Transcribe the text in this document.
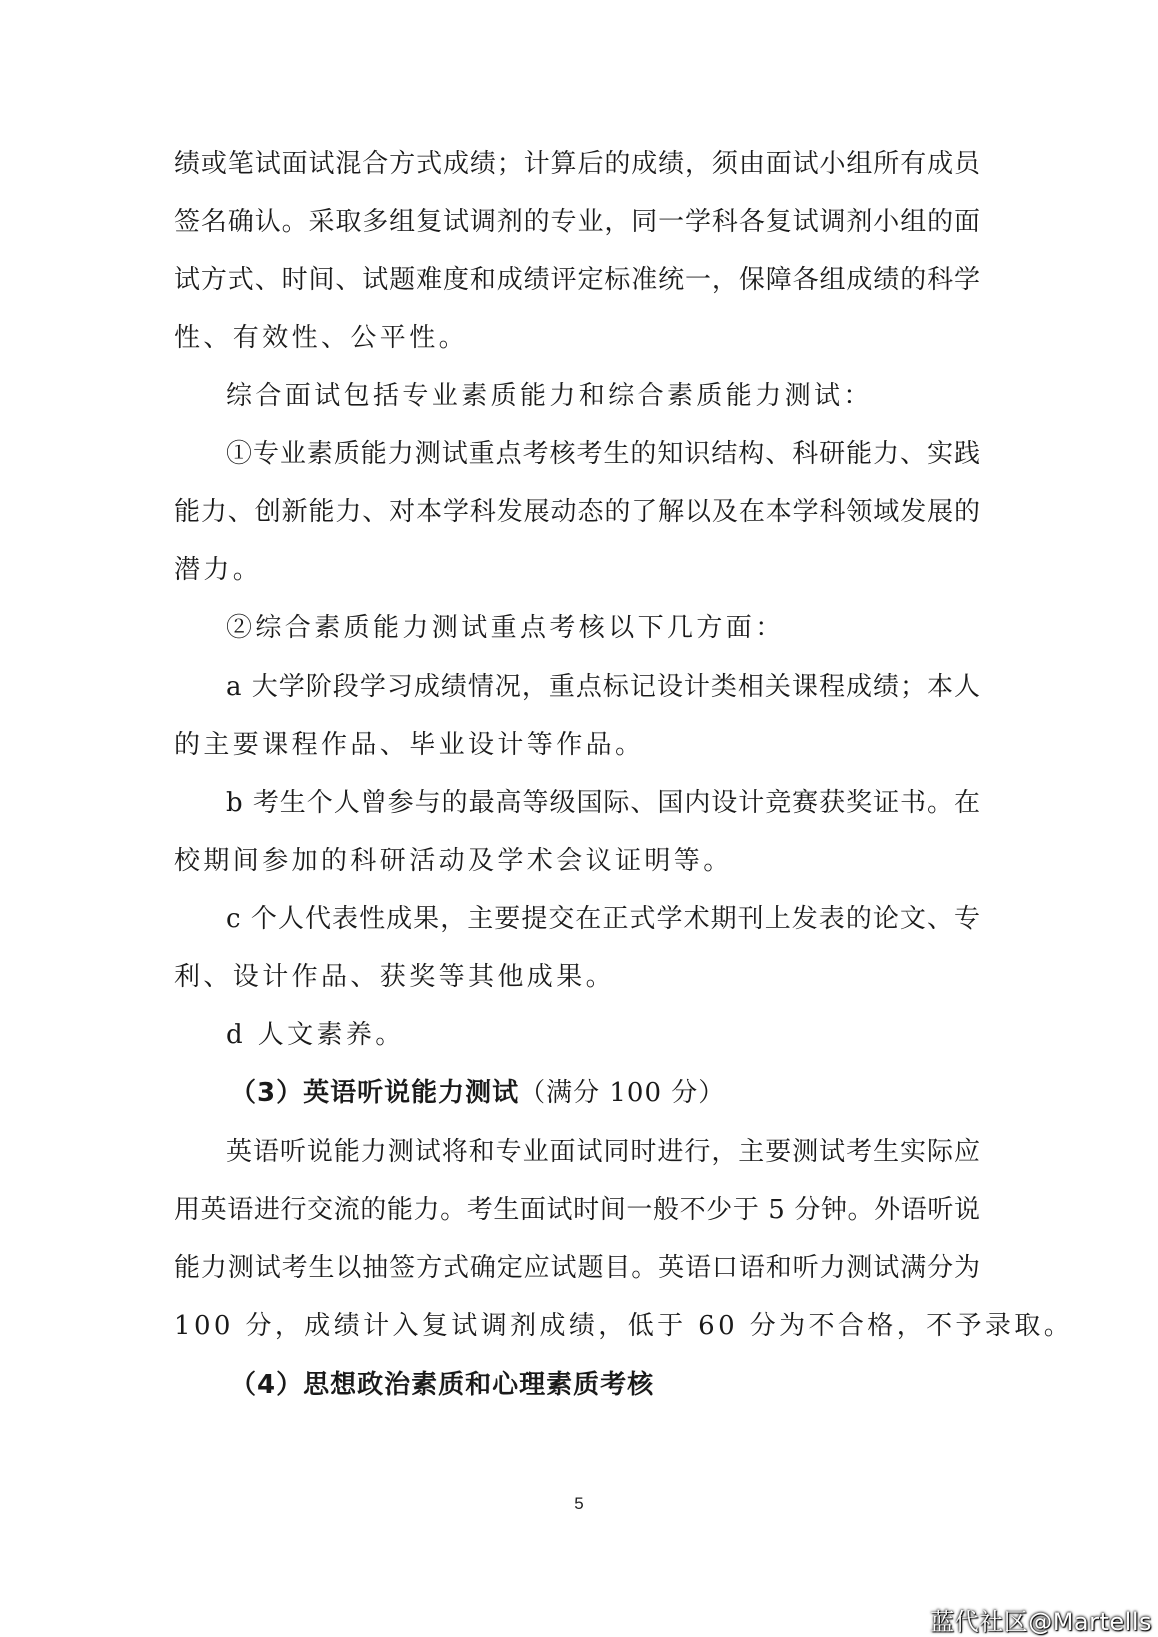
绩或笔试面试混合方式成绩；计算后的成绩，须由面试小组所有成员
签名确认。采取多组复试调剂的专业，同一学科各复试调剂小组的面
试方式、时间、试题难度和成绩评定标准统一，保障各组成绩的科学
性、有效性、公平性。
综合面试包括专业素质能力和综合素质能力测试：
①专业素质能力测试重点考核考生的知识结构、科研能力、实践
能力、创新能力、对本学科发展动态的了解以及在本学科领域发展的
潜力。
②综合素质能力测试重点考核以下几方面：
a 大学阶段学习成绩情况，重点标记设计类相关课程成绩；本人
的主要课程作品、毕业设计等作品。
b 考生个人曾参与的最高等级国际、国内设计竞赛获奖证书。在
校期间参加的科研活动及学术会议证明等。
c 个人代表性成果，主要提交在正式学术期刊上发表的论文、专
利、设计作品、获奖等其他成果。
d 人文素养。
（3）英语听说能力测试（满分 100 分）
英语听说能力测试将和专业面试同时进行，主要测试考生实际应
用英语进行交流的能力。考生面试时间一般不少于 5 分钟。外语听说
能力测试考生以抽签方式确定应试题目。英语口语和听力测试满分为
100 分，成绩计入复试调剂成绩，低于 60 分为不合格，不予录取。
（4）思想政治素质和心理素质考核
5
蓝代社区@Martells
